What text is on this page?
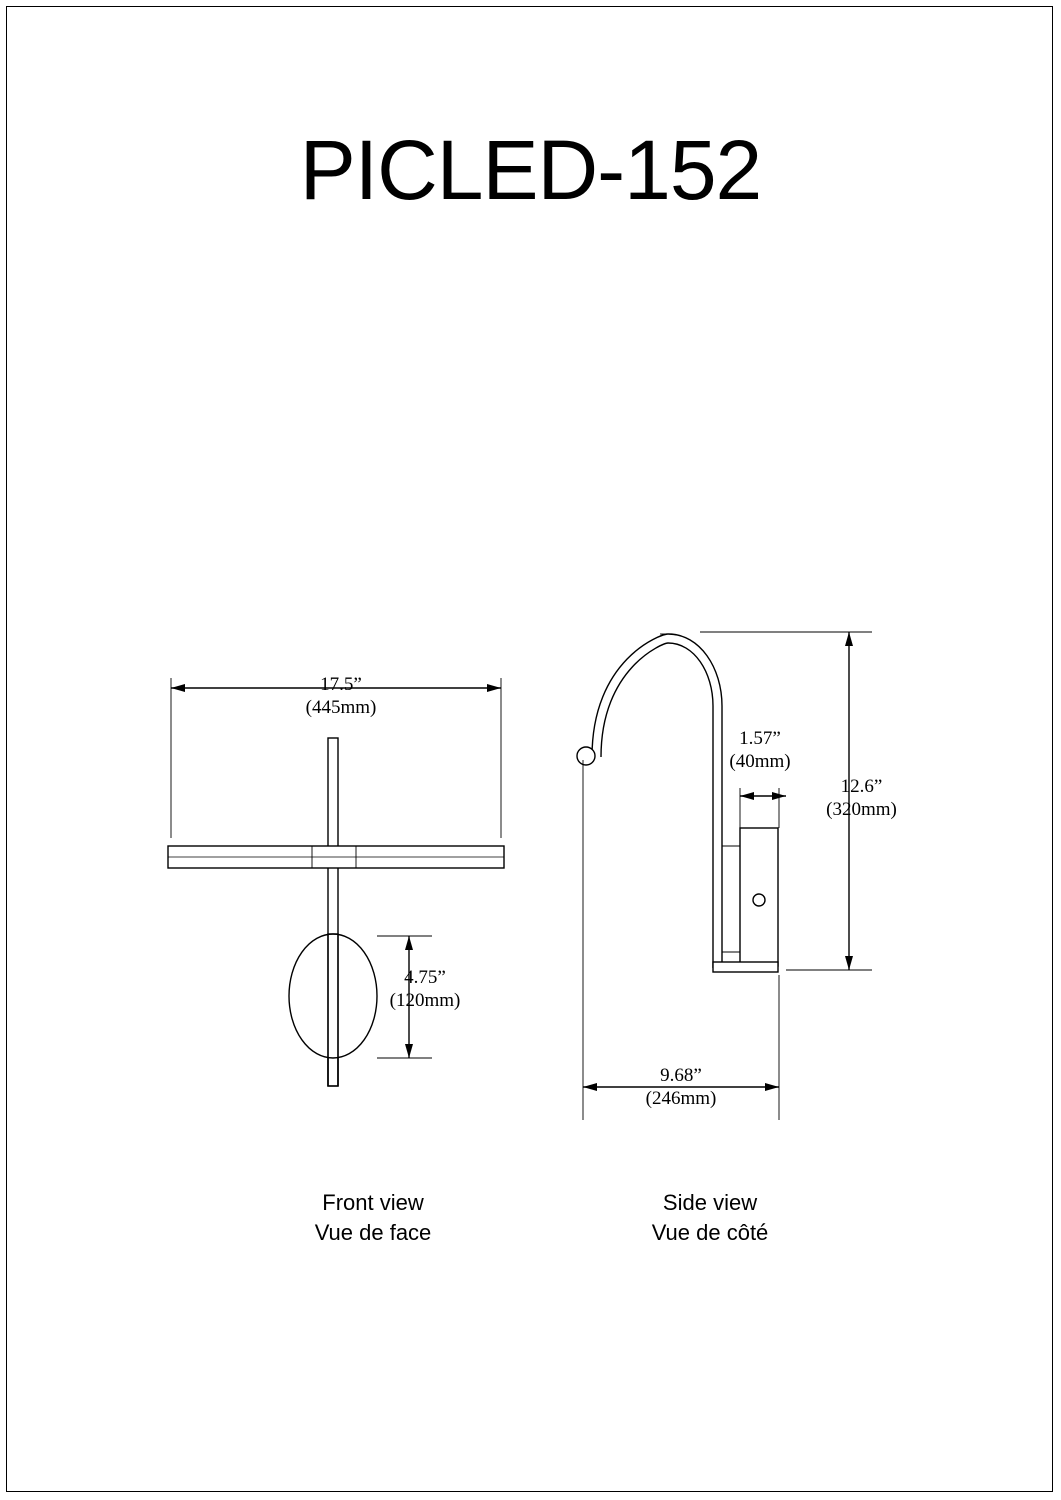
PICLED-152
17.5”
(445mm)
4.75”
(120mm)
1.57”
(40mm)
12.6”
(320mm)
9.68”
(246mm)
Front view
Vue de face
Side view
Vue de côté
